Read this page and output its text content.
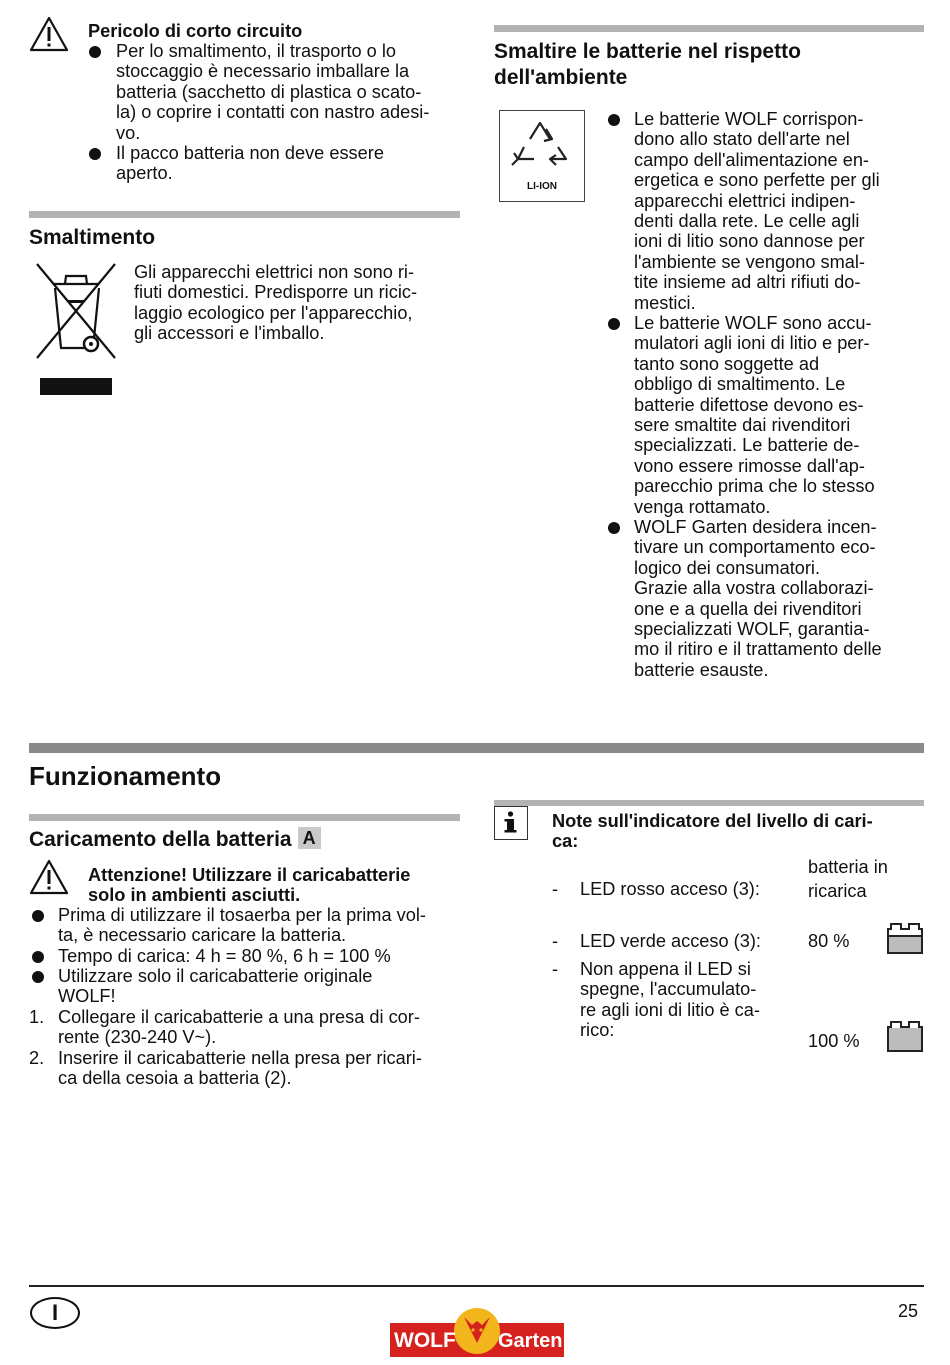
Pericolo di corto circuito
Per lo smaltimento, il trasporto o lo
stoccaggio è necessario imballare la
batteria (sacchetto di plastica o scato-
la) o coprire i contatti con nastro adesi-
vo.
Il pacco batteria non deve essere
aperto.
Smaltimento
Gli apparecchi elettrici non sono ri-
fiuti domestici. Predisporre un ricic-
laggio ecologico per l'apparecchio,
gli accessori e l'imballo.
Smaltire le batterie nel rispetto
dell'ambiente
LI-ION
Le batterie WOLF corrispon-
dono allo stato dell'arte nel
campo dell'alimentazione en-
ergetica e sono perfette per gli
apparecchi elettrici indipen-
denti dalla rete. Le celle agli
ioni di litio sono dannose per
l'ambiente se vengono smal-
tite insieme ad altri rifiuti do-
mestici.
Le batterie WOLF sono accu-
mulatori agli ioni di litio e per-
tanto sono soggette ad
obbligo di smaltimento. Le
batterie difettose devono es-
sere smaltite dai rivenditori
specializzati. Le batterie de-
vono essere rimosse dall'ap-
parecchio prima che lo stesso
venga rottamato.
WOLF Garten desidera incen-
tivare un comportamento eco-
logico dei consumatori.
Grazie alla vostra collaborazi-
one e a quella dei rivenditori
specializzati WOLF, garantia-
mo il ritiro e il trattamento delle
batterie esauste.
Funzionamento
Caricamento della batteria A
Attenzione! Utilizzare il caricabatterie
solo in ambienti asciutti.
Prima di utilizzare il tosaerba per la prima vol-
ta, è necessario caricare la batteria.
Tempo di carica: 4 h = 80 %, 6 h = 100 %
Utilizzare solo il caricabatterie originale
WOLF!
1. Collegare il caricabatterie a una presa di cor-
rente (230-240 V~).
2. Inserire il caricabatterie nella presa per ricari-
ca della cesoia a batteria (2).
Note sull'indicatore del livello di cari-
ca:
- LED rosso acceso (3):
batteria in
ricarica
- LED verde acceso (3):	80 %
- Non appena il LED si
spegne, l'accumulato-
re agli ioni di litio è ca-
rico:
100 %
I	25
WOLF Garten
